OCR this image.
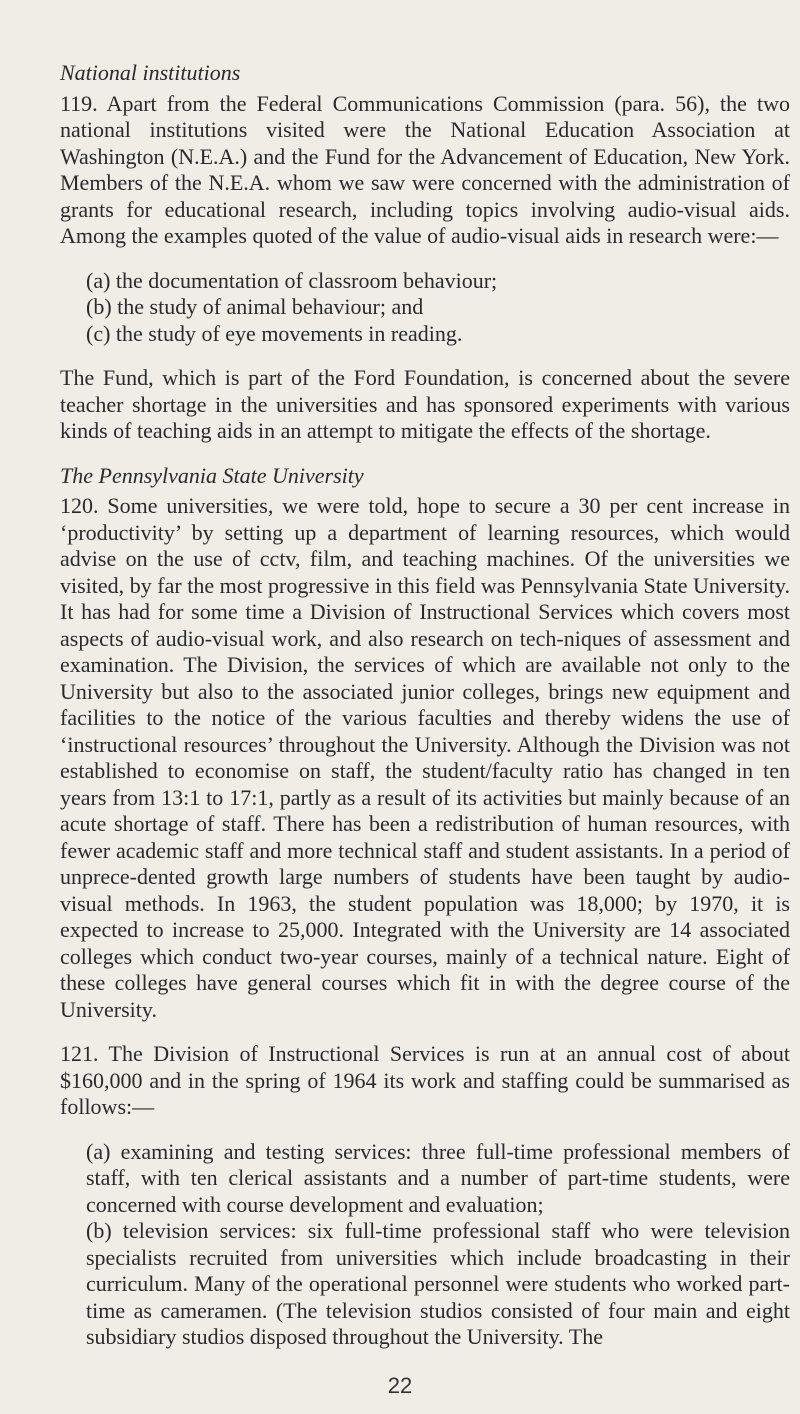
National institutions

119. Apart from the Federal Communications Commission (para. 56), the two national institutions visited were the National Education Association at Washington (N.E.A.) and the Fund for the Advancement of Education, New York. Members of the N.E.A. whom we saw were concerned with the administration of grants for educational research, including topics involving audio-visual aids. Among the examples quoted of the value of audio-visual aids in research were:—

(a) the documentation of classroom behaviour;
(b) the study of animal behaviour; and
(c) the study of eye movements in reading.

The Fund, which is part of the Ford Foundation, is concerned about the severe teacher shortage in the universities and has sponsored experiments with various kinds of teaching aids in an attempt to mitigate the effects of the shortage.

The Pennsylvania State University

120. Some universities, we were told, hope to secure a 30 per cent increase in ‘productivity’ by setting up a department of learning resources, which would advise on the use of cctv, film, and teaching machines. Of the universities we visited, by far the most progressive in this field was Pennsylvania State University. It has had for some time a Division of Instructional Services which covers most aspects of audio-visual work, and also research on tech-niques of assessment and examination. The Division, the services of which are available not only to the University but also to the associated junior colleges, brings new equipment and facilities to the notice of the various faculties and thereby widens the use of ‘instructional resources’ throughout the University. Although the Division was not established to economise on staff, the student/faculty ratio has changed in ten years from 13:1 to 17:1, partly as a result of its activities but mainly because of an acute shortage of staff. There has been a redistribution of human resources, with fewer academic staff and more technical staff and student assistants. In a period of unprece-dented growth large numbers of students have been taught by audio-visual methods. In 1963, the student population was 18,000; by 1970, it is expected to increase to 25,000. Integrated with the University are 14 associated colleges which conduct two-year courses, mainly of a technical nature. Eight of these colleges have general courses which fit in with the degree course of the University.

121. The Division of Instructional Services is run at an annual cost of about $160,000 and in the spring of 1964 its work and staffing could be summarised as follows:—

(a) examining and testing services: three full-time professional members of staff, with ten clerical assistants and a number of part-time students, were concerned with course development and evaluation;
(b) television services: six full-time professional staff who were television specialists recruited from universities which include broadcasting in their curriculum. Many of the operational personnel were students who worked part-time as cameramen. (The television studios consisted of four main and eight subsidiary studios disposed throughout the University. The
22
